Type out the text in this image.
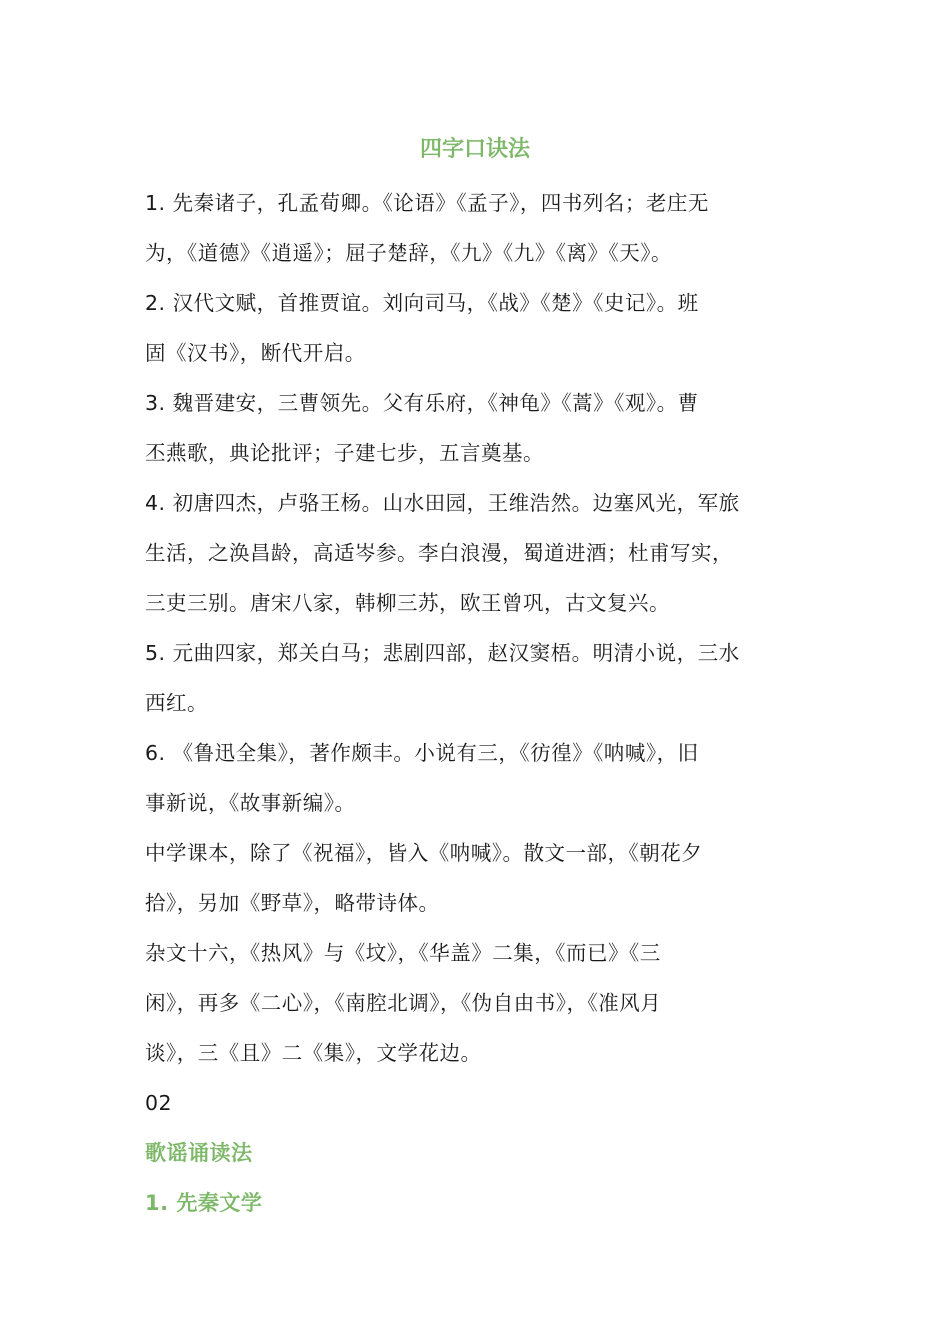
四字口诀法
1. 先秦诸子，孔孟荀卿。《论语》《孟子》，四书列名；老庄无
为，《道德》《逍遥》；屈子楚辞，《九》《九》《离》《天》。
2. 汉代文赋，首推贾谊。刘向司马，《战》《楚》《史记》。班
固《汉书》，断代开启。
3. 魏晋建安，三曹领先。父有乐府，《神龟》《蒿》《观》。曹
丕燕歌，典论批评；子建七步，五言奠基。
4. 初唐四杰，卢骆王杨。山水田园，王维浩然。边塞风光，军旅
生活，之涣昌龄，高适岑参。李白浪漫，蜀道进酒；杜甫写实，
三吏三别。唐宋八家，韩柳三苏，欧王曾巩，古文复兴。
5. 元曲四家，郑关白马；悲剧四部，赵汉窦梧。明清小说，三水
西红。
6. 《鲁迅全集》，著作颇丰。小说有三，《彷徨》《呐喊》，旧
事新说，《故事新编》。
中学课本，除了《祝福》，皆入《呐喊》。散文一部，《朝花夕
拾》，另加《野草》，略带诗体。
杂文十六，《热风》与《坟》，《华盖》二集，《而已》《三
闲》，再多《二心》，《南腔北调》，《伪自由书》，《准风月
谈》，三《且》二《集》，文学花边。
02
歌谣诵读法
1. 先秦文学
